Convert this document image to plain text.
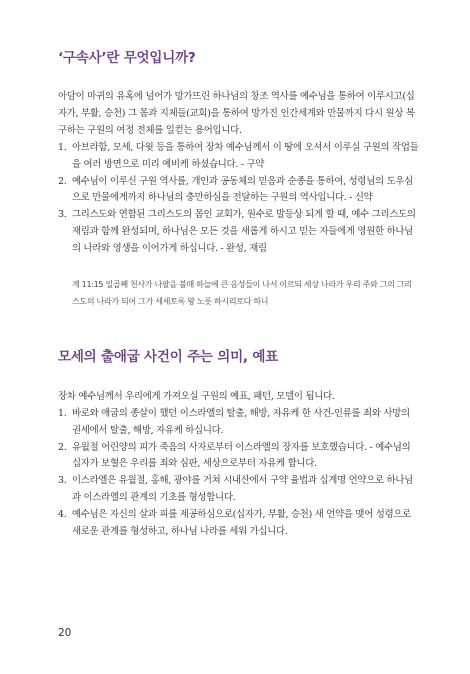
‘구속사’란 무엇입니까?

아담이 마귀의 유혹에 넘어가 망가뜨린 하나님의 창조 역사를 예수님을 통하여 이루시고(십자가, 부활, 승천) 그 몸과 지체들(교회)을 통하여 망가진 인간세계와 만물까지 다시 원상 복구하는 구원의 여정 전체를 일컫는 용어입니다.

1. 아브라함, 모세, 다윗 등을 통하여 장차 예수님께서 이 땅에 오셔서 이루실 구원의 작업들을 여러 방면으로 미리 예비케 하셨습니다. - 구약
2. 예수님이 이루신 구원 역사를, 개인과 공동체의 믿음과 순종을 통하여, 성령님의 도우심으로 만물에게까지 하나님의 충만하심을 전달하는 구원의 역사입니다. - 신약
3. 그리스도와 연합된 그리스도의 몸인 교회가, 원수로 발등상 되게 할 때, 예수 그리스도의 재림과 함께 완성되며, 하나님은 모든 것을 새롭게 하시고 믿는 자들에게 영원한 하나님의 나라와 영생을 이어가게 하십니다. - 완성, 재림

계 11:15 일곱째 천사가 나팔을 불매 하늘에 큰 음성들이 나서 이르되 세상 나라가 우리 주와 그의 그리스도의 나라가 되어 그가 세세토록 왕 노릇 하시리로다 하니

모세의 출애굽 사건이 주는 의미, 예표

장차 예수님께서 우리에게 가져오실 구원의 예표, 패턴, 모델이 됩니다.

1. 바로와 애굽의 종살이 했던 이스라엘의 탈출, 해방, 자유케 한 사건-인류를 죄와 사망의 권세에서 탈출, 해방, 자유케 하십니다.
2. 유월절 어린양의 피가 죽음의 사자로부터 이스라엘의 장자를 보호했습니다. - 예수님의 십자가 보혈은 우리를 죄와 심판, 세상으로부터 자유케 합니다.
3. 이스라엘은 유월절, 홍해, 광야를 거쳐 시내산에서 구약 율법과 십계명 언약으로 하나님과 이스라엘의 관계의 기초를 형성합니다.
4. 예수님은 자신의 살과 피를 제공하심으로(십자가, 부활, 승천) 새 언약을 맺어 성령으로 새로운 관계를 형성하고, 하나님 나라를 세워 가십니다.
20
